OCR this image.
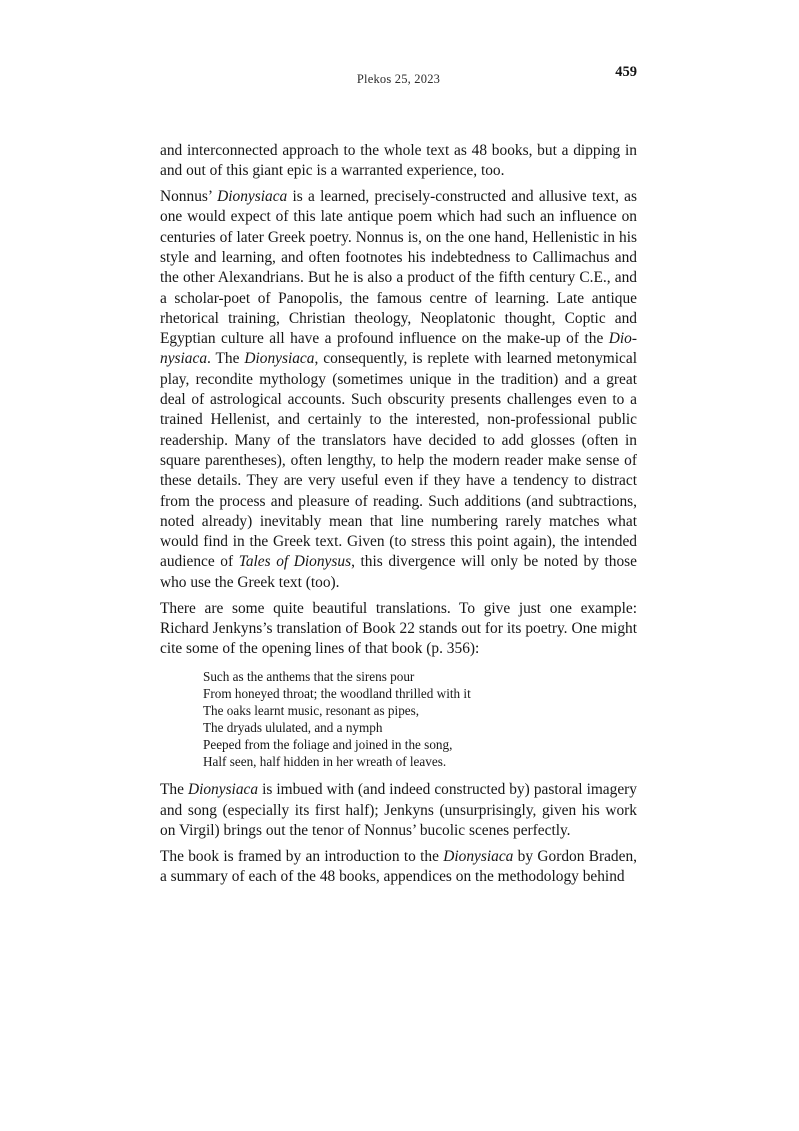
Plekos 25, 2023	459

and interconnected approach to the whole text as 48 books, but a dipping in and out of this giant epic is a warranted experience, too.

Nonnus’ Dionysiaca is a learned, precisely-constructed and allusive text, as one would expect of this late antique poem which had such an influence on centuries of later Greek poetry. Nonnus is, on the one hand, Hellenistic in his style and learning, and often footnotes his indebtedness to Callimachus and the other Alexandrians. But he is also a product of the fifth century C.E., and a scholar-poet of Panopolis, the famous centre of learning. Late antique rhetorical training, Christian theology, Neoplatonic thought, Coptic and Egyptian culture all have a profound influence on the make-up of the Dionysiaca. The Dionysiaca, consequently, is replete with learned metonymical play, recondite mythology (sometimes unique in the tradition) and a great deal of astrological accounts. Such obscurity presents challenges even to a trained Hellenist, and certainly to the interested, non-professional public readership. Many of the translators have decided to add glosses (often in square parentheses), often lengthy, to help the modern reader make sense of these details. They are very useful even if they have a tendency to distract from the process and pleasure of reading. Such additions (and subtractions, noted already) inevitably mean that line numbering rarely matches what would find in the Greek text. Given (to stress this point again), the intended audience of Tales of Dionysus, this divergence will only be noted by those who use the Greek text (too).

There are some quite beautiful translations. To give just one example: Richard Jenkyns’s translation of Book 22 stands out for its poetry. One might cite some of the opening lines of that book (p. 356):

Such as the anthems that the sirens pour
From honeyed throat; the woodland thrilled with it
The oaks learnt music, resonant as pipes,
The dryads ululated, and a nymph
Peeped from the foliage and joined in the song,
Half seen, half hidden in her wreath of leaves.

The Dionysiaca is imbued with (and indeed constructed by) pastoral imagery and song (especially its first half); Jenkyns (unsurprisingly, given his work on Virgil) brings out the tenor of Nonnus’ bucolic scenes perfectly.

The book is framed by an introduction to the Dionysiaca by Gordon Braden, a summary of each of the 48 books, appendices on the methodology behind
